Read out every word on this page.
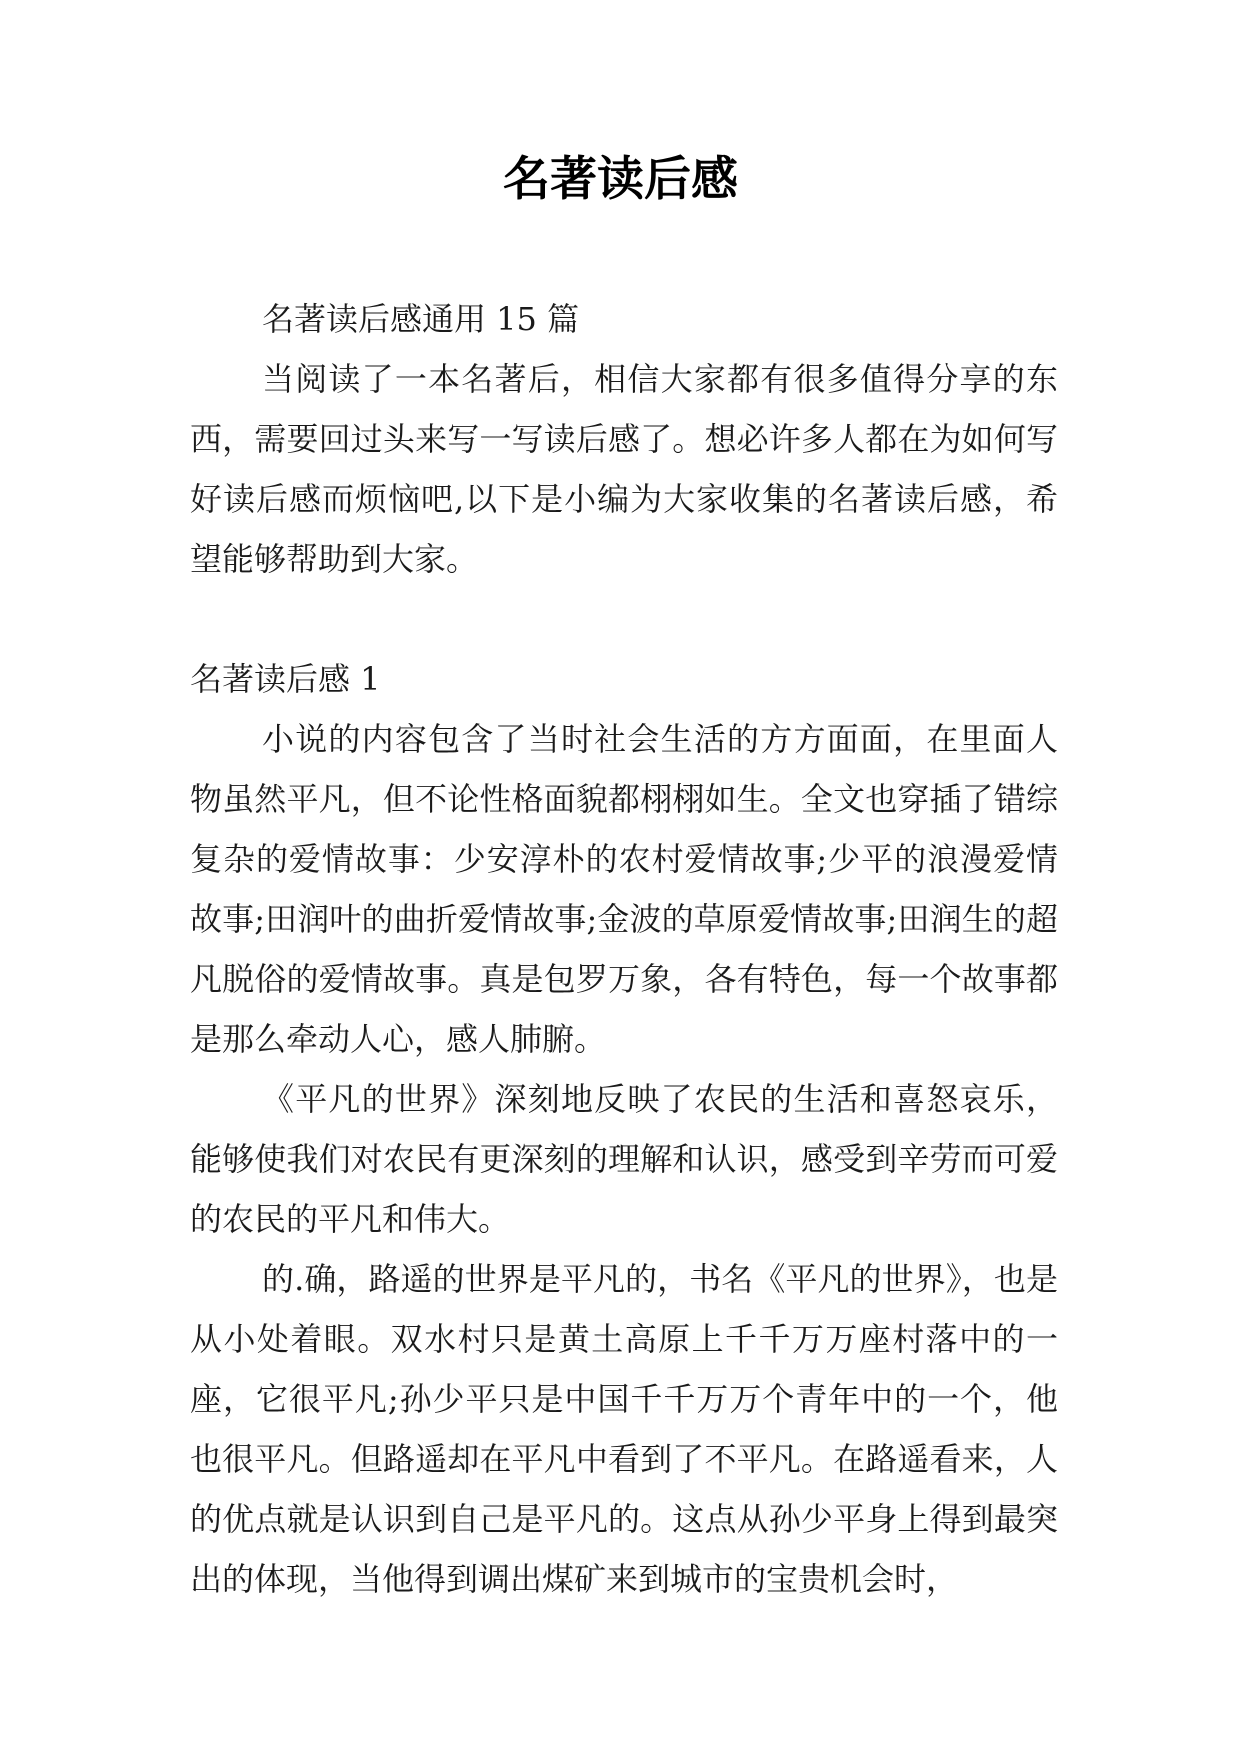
名著读后感

名著读后感通用 15 篇

当阅读了一本名著后，相信大家都有很多值得分享的东西，需要回过头来写一写读后感了。想必许多人都在为如何写好读后感而烦恼吧,以下是小编为大家收集的名著读后感，希望能够帮助到大家。

名著读后感 1

小说的内容包含了当时社会生活的方方面面，在里面人物虽然平凡，但不论性格面貌都栩栩如生。全文也穿插了错综复杂的爱情故事：少安淳朴的农村爱情故事;少平的浪漫爱情故事;田润叶的曲折爱情故事;金波的草原爱情故事;田润生的超凡脱俗的爱情故事。真是包罗万象，各有特色，每一个故事都是那么牵动人心，感人肺腑。

《平凡的世界》深刻地反映了农民的生活和喜怒哀乐，能够使我们对农民有更深刻的理解和认识，感受到辛劳而可爱的农民的平凡和伟大。

的.确，路遥的世界是平凡的，书名《平凡的世界》，也是从小处着眼。双水村只是黄土高原上千千万万座村落中的一座，它很平凡;孙少平只是中国千千万万个青年中的一个，他也很平凡。但路遥却在平凡中看到了不平凡。在路遥看来，人的优点就是认识到自己是平凡的。这点从孙少平身上得到最突出的体现，当他得到调出煤矿来到城市的宝贵机会时，
